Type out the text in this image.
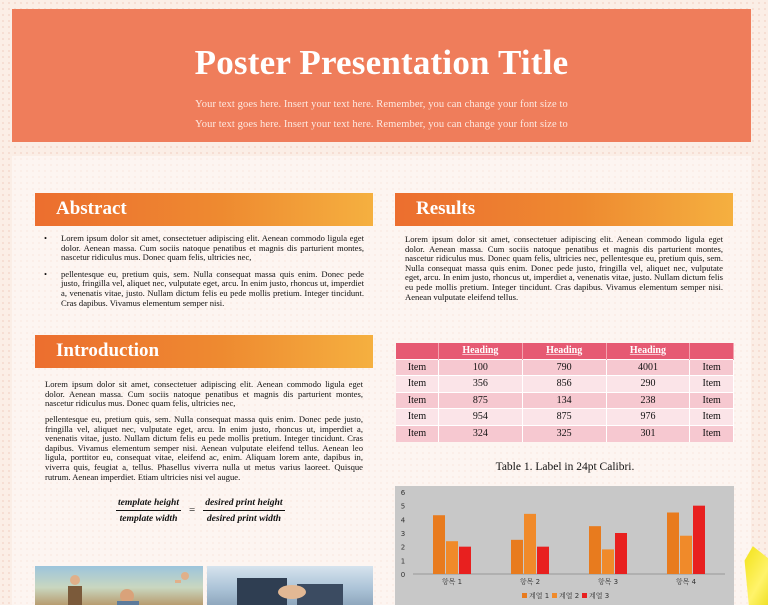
Poster Presentation Title
Your text goes here. Insert your text here. Remember, you can change your font size to
Your text goes here. Insert your text here. Remember, you can change your font size to
Abstract
• Lorem ipsum dolor sit amet, consectetuer adipiscing elit. Aenean commodo ligula eget dolor. Aenean massa. Cum sociis natoque penatibus et magnis dis parturient montes, nascetur ridiculus mus. Donec quam felis, ultricies nec,
• pellentesque eu, pretium quis, sem. Nulla consequat massa quis enim. Donec pede justo, fringilla vel, aliquet nec, vulputate eget, arcu. In enim justo, rhoncus ut, imperdiet a, venenatis vitae, justo. Nullam dictum felis eu pede mollis pretium. Integer tincidunt. Cras dapibus. Vivamus elementum semper nisi.
Results
Lorem ipsum dolor sit amet, consectetuer adipiscing elit. Aenean commodo ligula eget dolor. Aenean massa. Cum sociis natoque penatibus et magnis dis parturient montes, nascetur ridiculus mus. Donec quam felis, ultricies nec, pellentesque eu, pretium quis, sem. Nulla consequat massa quis enim. Donec pede justo, fringilla vel, aliquet nec, vulputate eget, arcu. In enim justo, rhoncus ut, imperdiet a, venenatis vitae, justo. Nullam dictum felis eu pede mollis pretium. Integer tincidunt. Cras dapibus. Vivamus elementum semper nisi. Aenean vulputate eleifend tellus.
Introduction
Lorem ipsum dolor sit amet, consectetuer adipiscing elit. Aenean commodo ligula eget dolor. Aenean massa. Cum sociis natoque penatibus et magnis dis parturient montes, nascetur ridiculus mus. Donec quam felis, ultricies nec,
pellentesque eu, pretium quis, sem. Nulla consequat massa quis enim. Donec pede justo, fringilla vel, aliquet nec, vulputate eget, arcu. In enim justo, rhoncus ut, imperdiet a, venenatis vitae, justo. Nullam dictum felis eu pede mollis pretium. Integer tincidunt. Cras dapibus. Vivamus elementum semper nisi. Aenean vulputate eleifend tellus. Aenean leo ligula, porttitor eu, consequat vitae, eleifend ac, enim. Aliquam lorem ante, dapibus in, viverra quis, feugiat a, tellus. Phasellus viverra nulla ut metus varius laoreet. Quisque rutrum. Aenean imperdiet. Etiam ultricies nisi vel augue.
$\frac{\text{template height}}{\text{template width}} = \frac{\text{desired print height}}{\text{desired print width}}$
	Heading	Heading	Heading	
Item	100	790	4001	Item
Item	356	856	290	Item
Item	875	134	238	Item
Item	954	875	976	Item
Item	324	325	301	Item
Table 1. Label in 24pt Calibri.
0
1
2
3
4
5
6
항목 1	항목 2	항목 3	항목 4
계열 1 계열 2 계열 3
